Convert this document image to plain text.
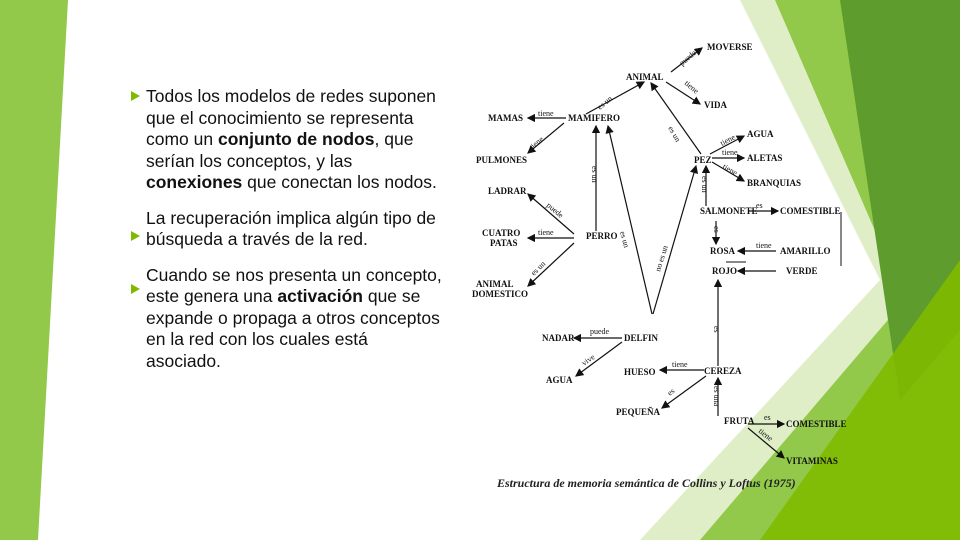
Todos los modelos de redes suponen que el conocimiento se representa como un conjunto de nodos, que serían los conceptos, y las conexiones que conectan los nodos.

La recuperación implica algún tipo de búsqueda a través de la red.

Cuando se nos presenta un concepto, este genera una activación que se expande o propaga a otros conceptos en la red con los cuales está asociado.

MOVERSE
ANIMAL
VIDA
MAMAS	MAMIFERO
AGUA
PULMONES	PEZ	ALETAS
BRANQUIAS
LADRAR
SALMONETE COMESTIBLE
CUATRO
PATAS
PERRO
ROSA	AMARILLO
ROJO	VERDE
ANIMAL
DOMESTICO
NADAR	DELFIN
HUESO	CEREZA
AGUA
PEQUEÑA
FRUTA	COMESTIBLE
VITAMINAS
puede
tiene
es un
tiene
es un
tiene	tiene
es un
tiene
tiene
puede
es un
es
tiene	es
es un
no es un
es un
tiene
es
puede
vive	tiene
es	es una
es
tiene
Estructura de memoria semántica de Collins y Loftus (1975)
